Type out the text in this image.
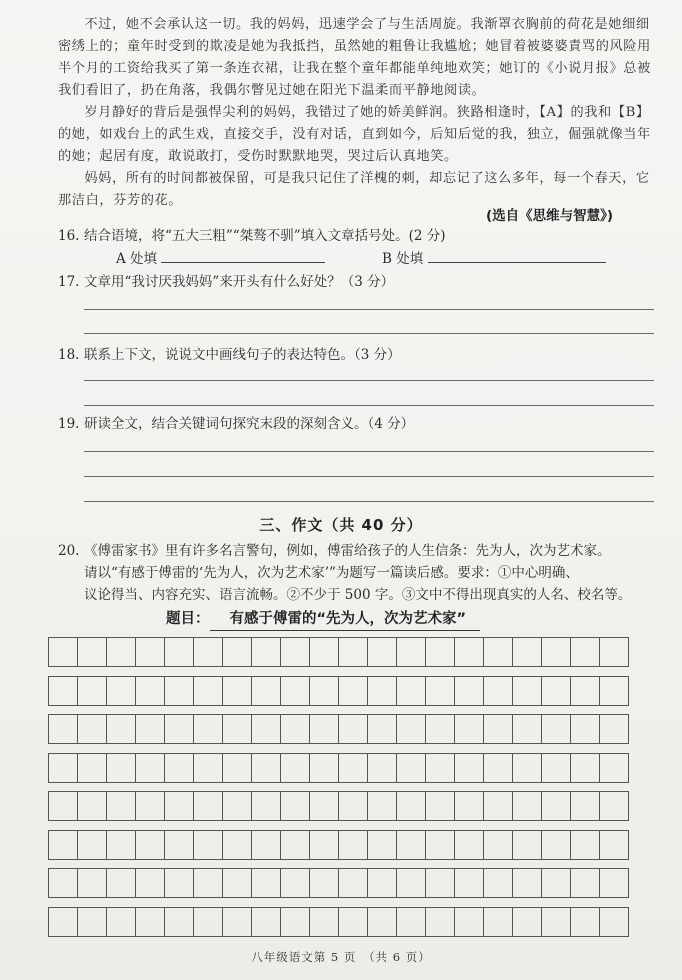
不过，她不会承认这一切。我的妈妈，迅速学会了与生活周旋。我渐罩衣胸前的荷花是她细细密绣上的；童年时受到的欺凌是她为我抵挡，虽然她的粗鲁让我尴尬；她冒着被婆婆責骂的风险用半个月的工资给我买了第一条连衣裙，让我在整个童年都能单纯地欢笑；她订的《小说月报》总被我们看旧了，扔在角落，我偶尔瞥见过她在阳光下温柔而平静地阅读。

岁月静好的背后是强悍尖利的妈妈，我错过了她的娇美鲜润。狭路相逢时，【A】的我和【B】的她，如戏台上的武生戏，直接交手，没有对话，直到如今，后知后觉的我，独立，倔强就像当年的她；起居有度，敢说敢打，受伤时默默地哭，哭过后认真地笑。

妈妈，所有的时间都被保留，可是我只记住了洋槐的刺，却忘记了这么多年，每一个春天，它那洁白，芬芳的花。

(选自《思维与智慧》)
16. 结合语境，将“五大三粗”“桀骜不驯”填入文章括号处。(2 分)
A 处填	B 处填
17. 文章用“我讨厌我妈妈”来开头有什么好处？（3 分）
18. 联系上下文，说说文中画线句子的表达特色。（3 分）
19. 研读全文，结合关键词句探究末段的深刻含义。（4 分）
三、作文（共 40 分）
20. 《傅雷家书》里有许多名言警句，例如，傅雷给孩子的人生信条：先为人，次为艺术家。
请以“有感于傅雷的‘先为人，次为艺术家’”为题写一篇读后感。要求：①中心明确、
议论得当、内容充实、语言流畅。②不少于 500 字。③文中不得出现真实的人名、校名等。
题目： 有感于傅雷的“先为人，次为艺术家”
八年级语文第 5 页　（共 6 页）
